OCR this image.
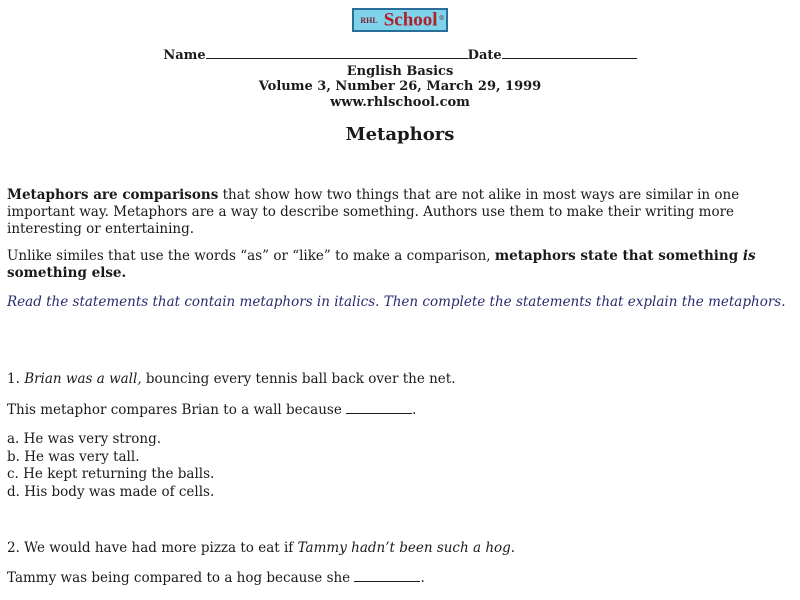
RHL School ®
Name	Date
English Basics
Volume 3, Number 26, March 29, 1999
www.rhlschool.com
Metaphors

Metaphors are comparisons that show how two things that are not alike in most ways are similar in one important way. Metaphors are a way to describe something. Authors use them to make their writing more interesting or entertaining.

Unlike similes that use the words “as” or “like” to make a comparison, metaphors state that something is something else.

Read the statements that contain metaphors in italics. Then complete the statements that explain the metaphors.

1. Brian was a wall, bouncing every tennis ball back over the net.

This metaphor compares Brian to a wall because	.

a. He was very strong.

b. He was very tall.

c. He kept returning the balls.

d. His body was made of cells.

2. We would have had more pizza to eat if Tammy hadn’t been such a hog.

Tammy was being compared to a hog because she	.
